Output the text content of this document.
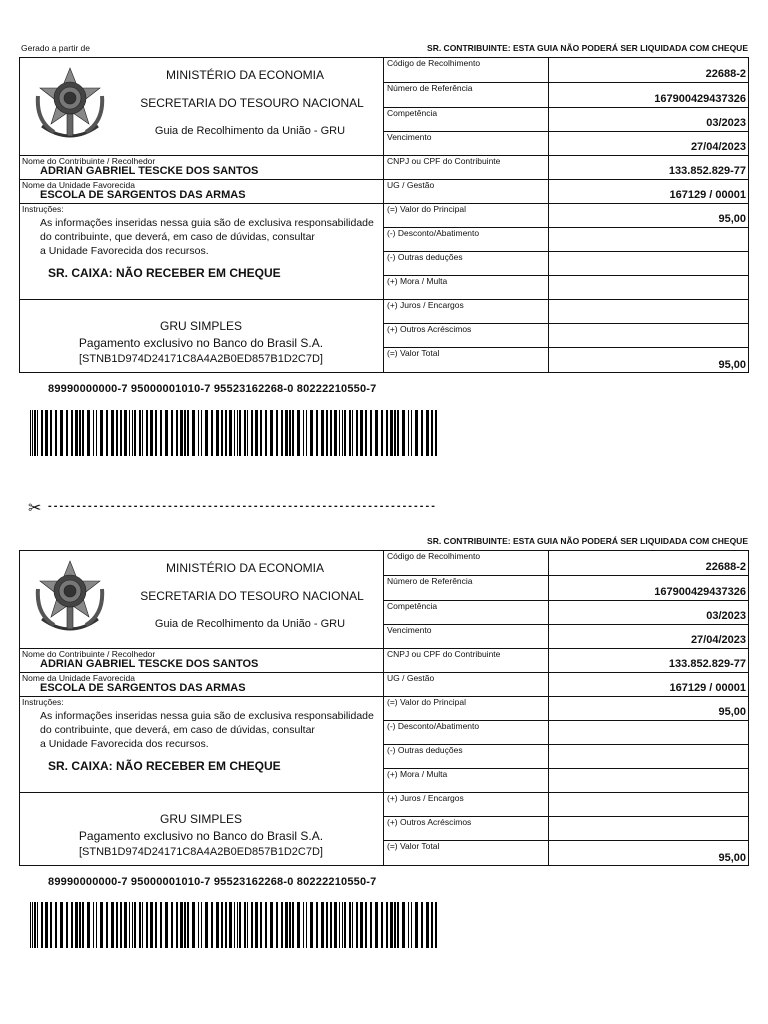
Gerado a partir de	SR. CONTRIBUINTE: ESTA GUIA NÃO PODERÁ SER LIQUIDADA COM CHEQUE
MINISTÉRIO DA ECONOMIA
SECRETARIA DO TESOURO NACIONAL
Guia de Recolhimento da União - GRU
Código de Recolhimento
22688-2
Número de Referência
167900429437326
Competência
03/2023
Vencimento
27/04/2023
Nome do Contribuinte / Recolhedor
ADRIAN GABRIEL TESCKE DOS SANTOS
CNPJ ou CPF do Contribuinte
133.852.829-77
Nome da Unidade Favorecida
ESCOLA DE SARGENTOS DAS ARMAS
UG / Gestão
167129 / 00001
Instruções:
As informações inseridas nessa guia são de exclusiva responsabilidade
do contribuinte, que deverá, em caso de dúvidas, consultar
a Unidade Favorecida dos recursos.
SR. CAIXA: NÃO RECEBER EM CHEQUE
(=) Valor do Principal
95,00
(-) Desconto/Abatimento
(-) Outras deduções
(+) Mora / Multa
(+) Juros / Encargos
(+) Outros Acréscimos
(=) Valor Total
95,00
GRU SIMPLES
Pagamento exclusivo no Banco do Brasil S.A.
[STNB1D974D24171C8A4A2B0ED857B1D2C7D]
89990000000-7 95000001010-7 95523162268-0 80222210550-7
✂ - - - - - - - - - - - - - - - - - - - - - - - - - - - - - - - - - - - - - - - - - - - - - - - - - - - - - - - - - - - - - - - - - - - -
SR. CONTRIBUINTE: ESTA GUIA NÃO PODERÁ SER LIQUIDADA COM CHEQUE
MINISTÉRIO DA ECONOMIA
SECRETARIA DO TESOURO NACIONAL
Guia de Recolhimento da União - GRU
Código de Recolhimento
22688-2
Número de Referência
167900429437326
Competência
03/2023
Vencimento
27/04/2023
Nome do Contribuinte / Recolhedor
ADRIAN GABRIEL TESCKE DOS SANTOS
CNPJ ou CPF do Contribuinte
133.852.829-77
Nome da Unidade Favorecida
ESCOLA DE SARGENTOS DAS ARMAS
UG / Gestão
167129 / 00001
Instruções:
As informações inseridas nessa guia são de exclusiva responsabilidade
do contribuinte, que deverá, em caso de dúvidas, consultar
a Unidade Favorecida dos recursos.
SR. CAIXA: NÃO RECEBER EM CHEQUE
(=) Valor do Principal
95,00
(-) Desconto/Abatimento
(-) Outras deduções
(+) Mora / Multa
(+) Juros / Encargos
(+) Outros Acréscimos
(=) Valor Total
95,00
GRU SIMPLES
Pagamento exclusivo no Banco do Brasil S.A.
[STNB1D974D24171C8A4A2B0ED857B1D2C7D]
89990000000-7 95000001010-7 95523162268-0 80222210550-7
